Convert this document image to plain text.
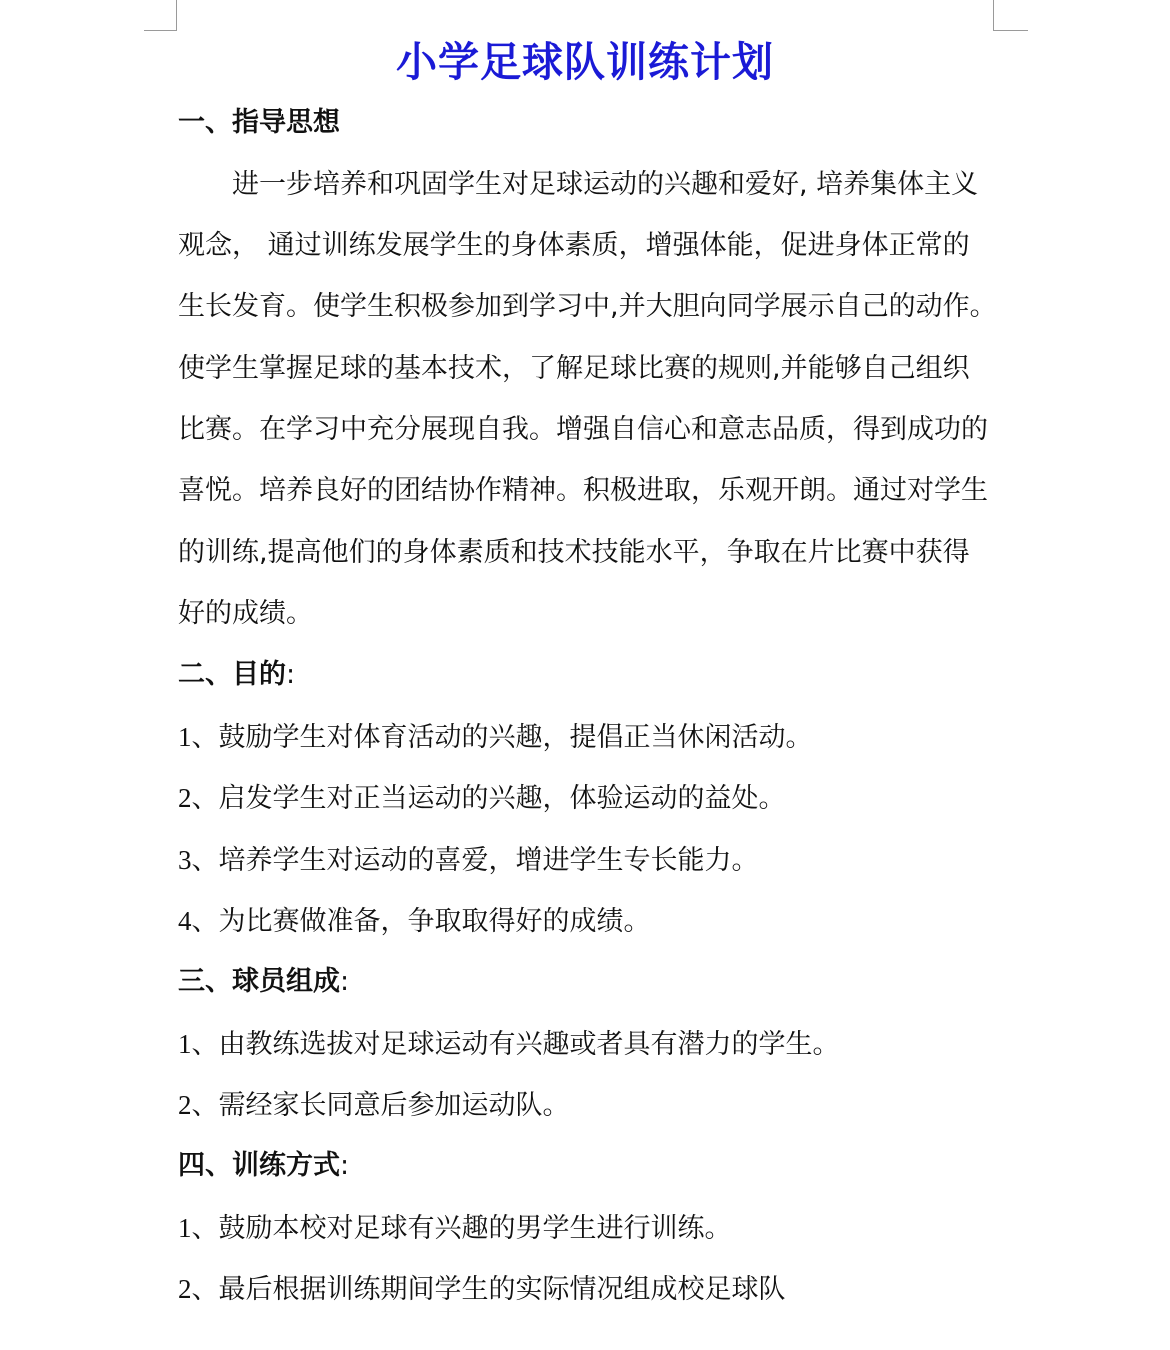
小学足球队训练计划
一、指导思想
进一步培养和巩固学生对足球运动的兴趣和爱好, 培养集体主义
观念， 通过训练发展学生的身体素质，增强体能，促进身体正常的
生长发育。使学生积极参加到学习中,并大胆向同学展示自己的动作。
使学生掌握足球的基本技术，了解足球比赛的规则,并能够自己组织
比赛。在学习中充分展现自我。增强自信心和意志品质，得到成功的
喜悦。培养良好的团结协作精神。积极进取，乐观开朗。通过对学生
的训练,提高他们的身体素质和技术技能水平，争取在片比赛中获得
好的成绩。
二、目的:
1、鼓励学生对体育活动的兴趣，提倡正当休闲活动。
2、启发学生对正当运动的兴趣，体验运动的益处。
3、培养学生对运动的喜爱，增进学生专长能力。
4、为比赛做准备，争取取得好的成绩。
三、球员组成:
1、由教练选拔对足球运动有兴趣或者具有潜力的学生。
2、需经家长同意后参加运动队。
四、训练方式:
1、鼓励本校对足球有兴趣的男学生进行训练。
2、最后根据训练期间学生的实际情况组成校足球队
